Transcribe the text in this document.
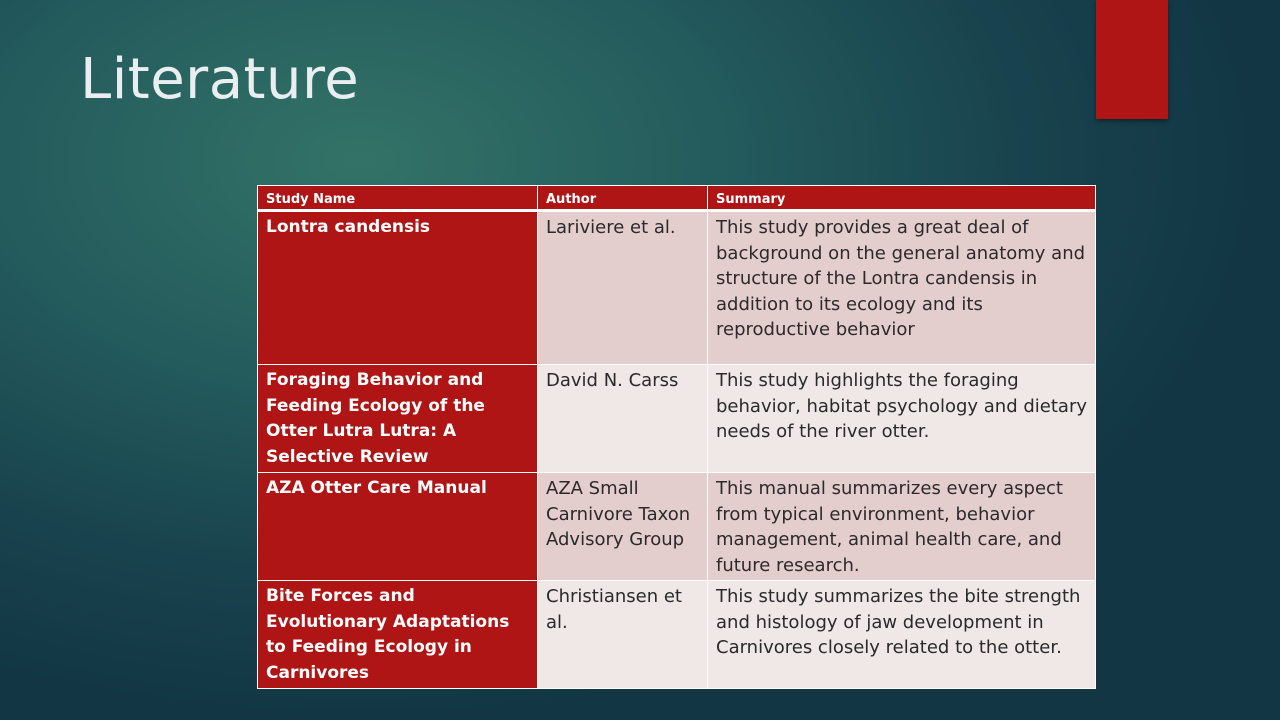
Literature
Study Name	Author	Summary
Lontra candensis	Lariviere et al.	This study provides a great deal of background on the general anatomy and structure of the Lontra candensis in addition to its ecology and its reproductive behavior
Foraging Behavior and Feeding Ecology of the Otter Lutra Lutra: A Selective Review	David N. Carss	This study highlights the foraging behavior, habitat psychology and dietary needs of the river otter.
AZA Otter Care Manual	AZA Small Carnivore Taxon Advisory Group	This manual summarizes every aspect from typical environment, behavior management, animal health care, and future research.
Bite Forces and Evolutionary Adaptations to Feeding Ecology in Carnivores	Christiansen et al.	This study summarizes the bite strength and histology of jaw development in Carnivores closely related to the otter.
